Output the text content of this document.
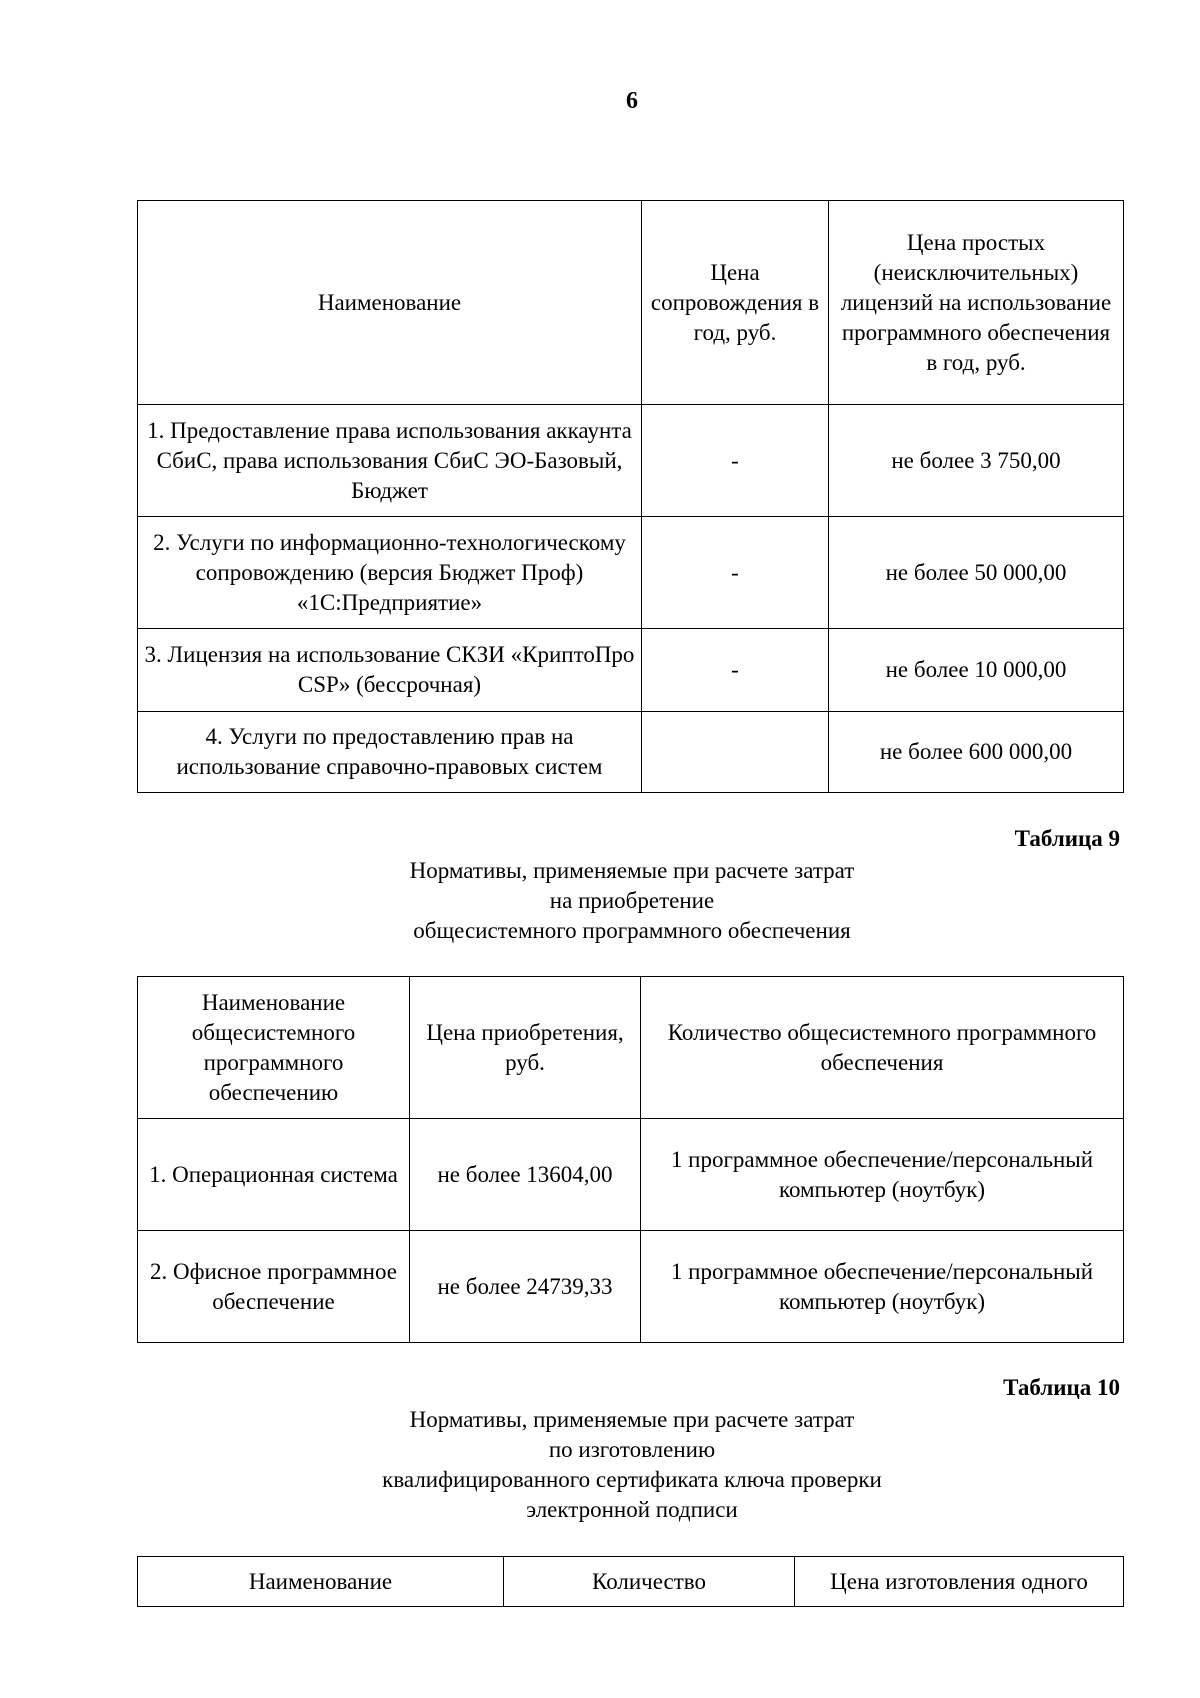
6
Наименование	Цена сопровождения в год, руб.	Цена простых (неисключительных) лицензий на использование программного обеспечения в год, руб.
1. Предоставление права использования аккаунта СбиС, права использования СбиС ЭО-Базовый, Бюджет	-	не более 3 750,00
2. Услуги по информационно-технологическому сопровождению (версия Бюджет Проф) «1С:Предприятие»	-	не более 50 000,00
3. Лицензия на использование СКЗИ «КриптоПро CSP» (бессрочная)	-	не более 10 000,00
4. Услуги по предоставлению прав на использование справочно-правовых систем		не более 600 000,00
Таблица 9
Нормативы, применяемые при расчете затрат
на приобретение
общесистемного программного обеспечения
Наименование общесистемного программного обеспечению	Цена приобретения, руб.	Количество общесистемного программного обеспечения
1. Операционная система	не более 13604,00	1 программное обеспечение/персональный компьютер (ноутбук)
2. Офисное программное обеспечение	не более 24739,33	1 программное обеспечение/персональный компьютер (ноутбук)
Таблица 10
Нормативы, применяемые при расчете затрат
по изготовлению
квалифицированного сертификата ключа проверки
электронной подписи
Наименование	Количество	Цена изготовления одного
